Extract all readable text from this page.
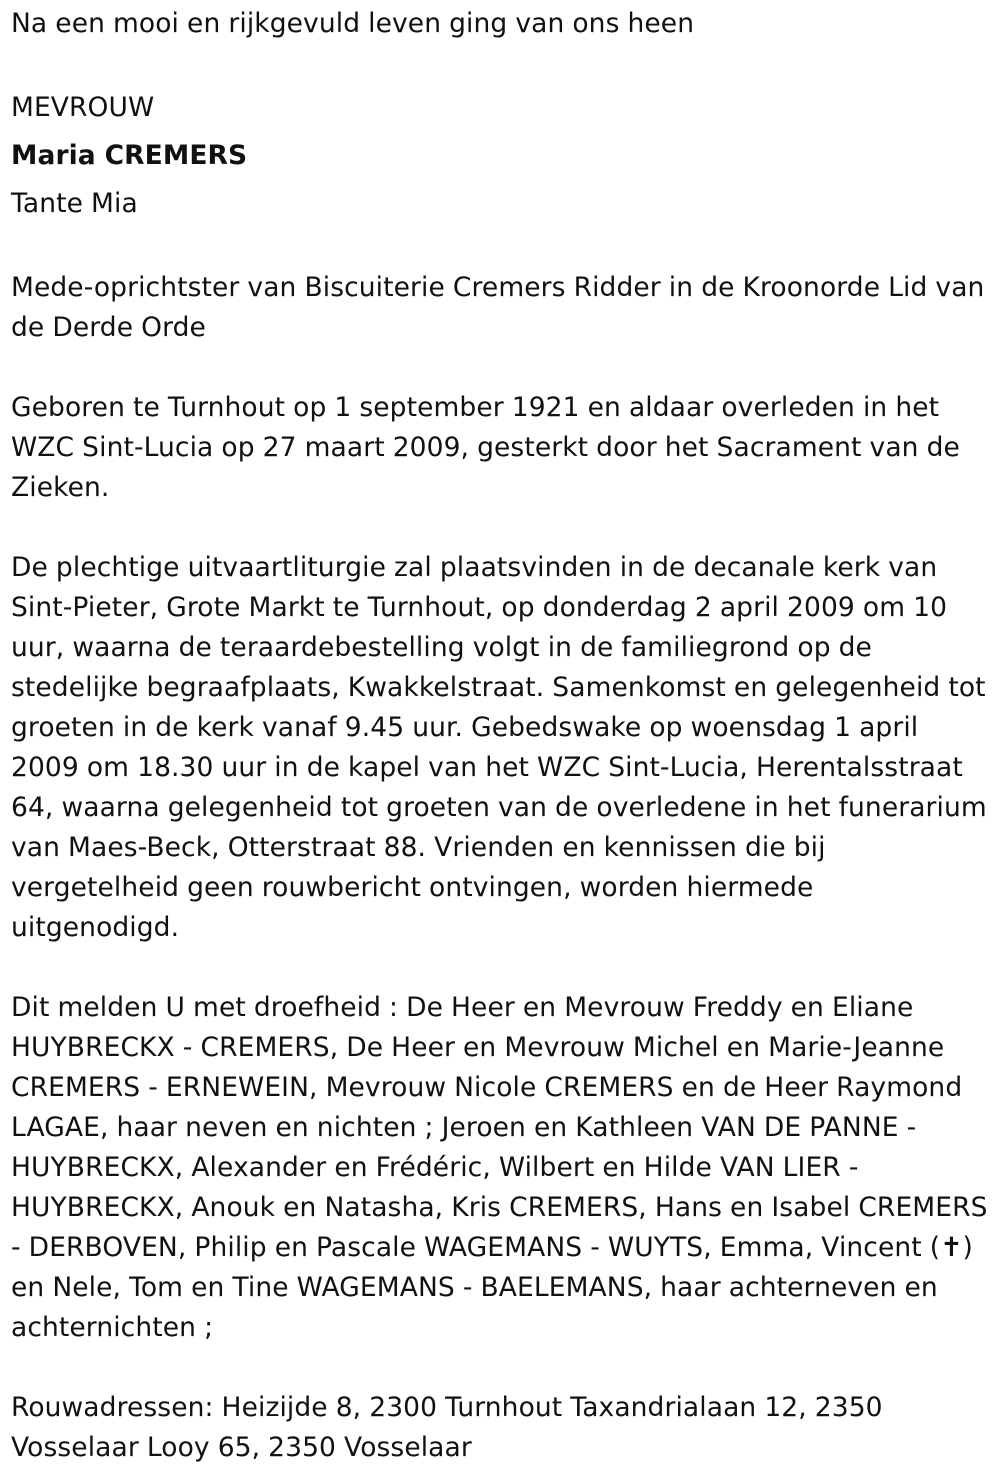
Na een mooi en rijkgevuld leven ging van ons heen

MEVROUW

Maria CREMERS

Tante Mia

Mede-oprichtster van Biscuiterie Cremers Ridder in de Kroonorde Lid van de Derde Orde

Geboren te Turnhout op 1 september 1921 en aldaar overleden in het WZC Sint-Lucia op 27 maart 2009, gesterkt door het Sacrament van de Zieken.

De plechtige uitvaartliturgie zal plaatsvinden in de decanale kerk van Sint-Pieter, Grote Markt te Turnhout, op donderdag 2 april 2009 om 10 uur, waarna de teraardebestelling volgt in de familiegrond op de stedelijke begraafplaats, Kwakkelstraat. Samenkomst en gelegenheid tot groeten in de kerk vanaf 9.45 uur. Gebedswake op woensdag 1 april 2009 om 18.30 uur in de kapel van het WZC Sint-Lucia, Herentalsstraat 64, waarna gelegenheid tot groeten van de overledene in het funerarium van Maes-Beck, Otterstraat 88. Vrienden en kennissen die bij vergetelheid geen rouwbericht ontvingen, worden hiermede uitgenodigd.

Dit melden U met droefheid : De Heer en Mevrouw Freddy en Eliane HUYBRECKX - CREMERS, De Heer en Mevrouw Michel en Marie-Jeanne CREMERS - ERNEWEIN, Mevrouw Nicole CREMERS en de Heer Raymond LAGAE, haar neven en nichten ; Jeroen en Kathleen VAN DE PANNE - HUYBRECKX, Alexander en Frédéric, Wilbert en Hilde VAN LIER - HUYBRECKX, Anouk en Natasha, Kris CREMERS, Hans en Isabel CREMERS - DERBOVEN, Philip en Pascale WAGEMANS - WUYTS, Emma, Vincent (✝) en Nele, Tom en Tine WAGEMANS - BAELEMANS, haar achterneven en achternichten ;

Rouwadressen: Heizijde 8, 2300 Turnhout Taxandrialaan 12, 2350 Vosselaar Looy 65, 2350 Vosselaar
